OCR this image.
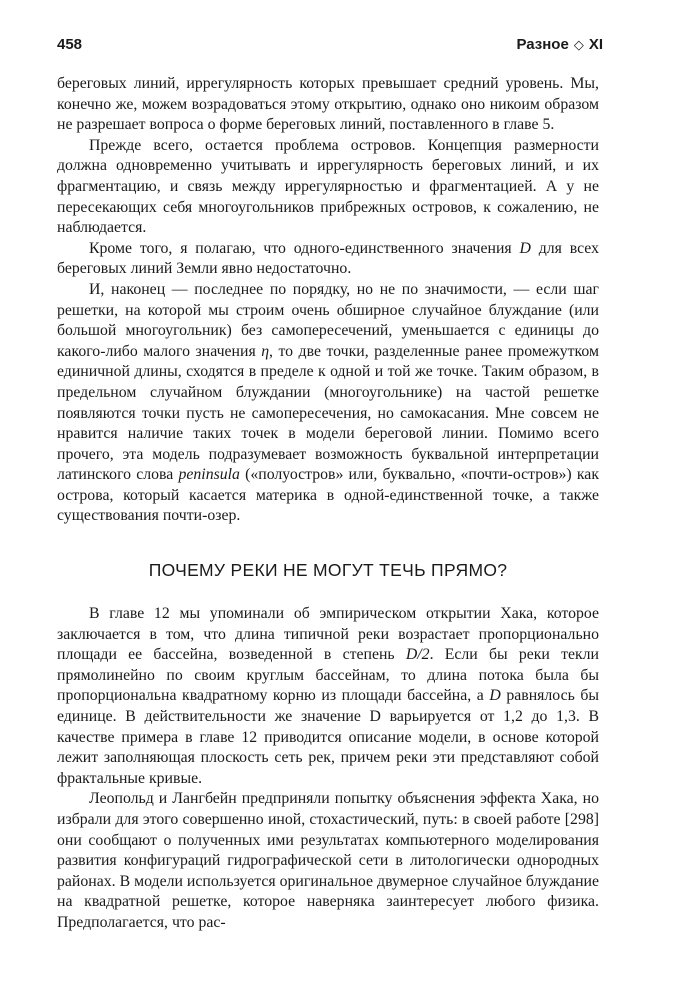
458	Разное ◇ XI

береговых линий, иррегулярность которых превышает средний уровень. Мы, конечно же, можем возрадоваться этому открытию, однако оно никоим образом не разрешает вопроса о форме береговых линий, поставленного в главе 5.

Прежде всего, остается проблема островов. Концепция размерности должна одновременно учитывать и иррегулярность береговых линий, и их фрагментацию, и связь между иррегулярностью и фрагментацией. А у не пересекающих себя многоугольников прибрежных островов, к сожалению, не наблюдается.

Кроме того, я полагаю, что одного-единственного значения D для всех береговых линий Земли явно недостаточно.

И, наконец — последнее по порядку, но не по значимости, — если шаг решетки, на которой мы строим очень обширное случайное блуждание (или большой многоугольник) без самопересечений, уменьшается с единицы до какого-либо малого значения η, то две точки, разделенные ранее промежутком единичной длины, сходятся в пределе к одной и той же точке. Таким образом, в предельном случайном блуждании (многоугольнике) на частой решетке появляются точки пусть не самопересечения, но самокасания. Мне совсем не нравится наличие таких точек в модели береговой линии. Помимо всего прочего, эта модель подразумевает возможность буквальной интерпретации латинского слова peninsula («полуостров» или, буквально, «почти-остров») как острова, который касается материка в одной-единственной точке, а также существования почти-озер.

ПОЧЕМУ РЕКИ НЕ МОГУТ ТЕЧЬ ПРЯМО?

В главе 12 мы упоминали об эмпирическом открытии Хака, которое заключается в том, что длина типичной реки возрастает пропорционально площади ее бассейна, возведенной в степень D/2. Если бы реки текли прямолинейно по своим круглым бассейнам, то длина потока была бы пропорциональна квадратному корню из площади бассейна, а D равнялось бы единице. В действительности же значение D варьируется от 1,2 до 1,3. В качестве примера в главе 12 приводится описание модели, в основе которой лежит заполняющая плоскость сеть рек, причем реки эти представляют собой фрактальные кривые.

Леопольд и Лангбейн предприняли попытку объяснения эффекта Хака, но избрали для этого совершенно иной, стохастический, путь: в своей работе [298] они сообщают о полученных ими результатах компьютерного моделирования развития конфигураций гидрографической сети в литологически однородных районах. В модели используется оригинальное двумерное случайное блуждание на квадратной решетке, которое наверняка заинтересует любого физика. Предполагается, что рас-
